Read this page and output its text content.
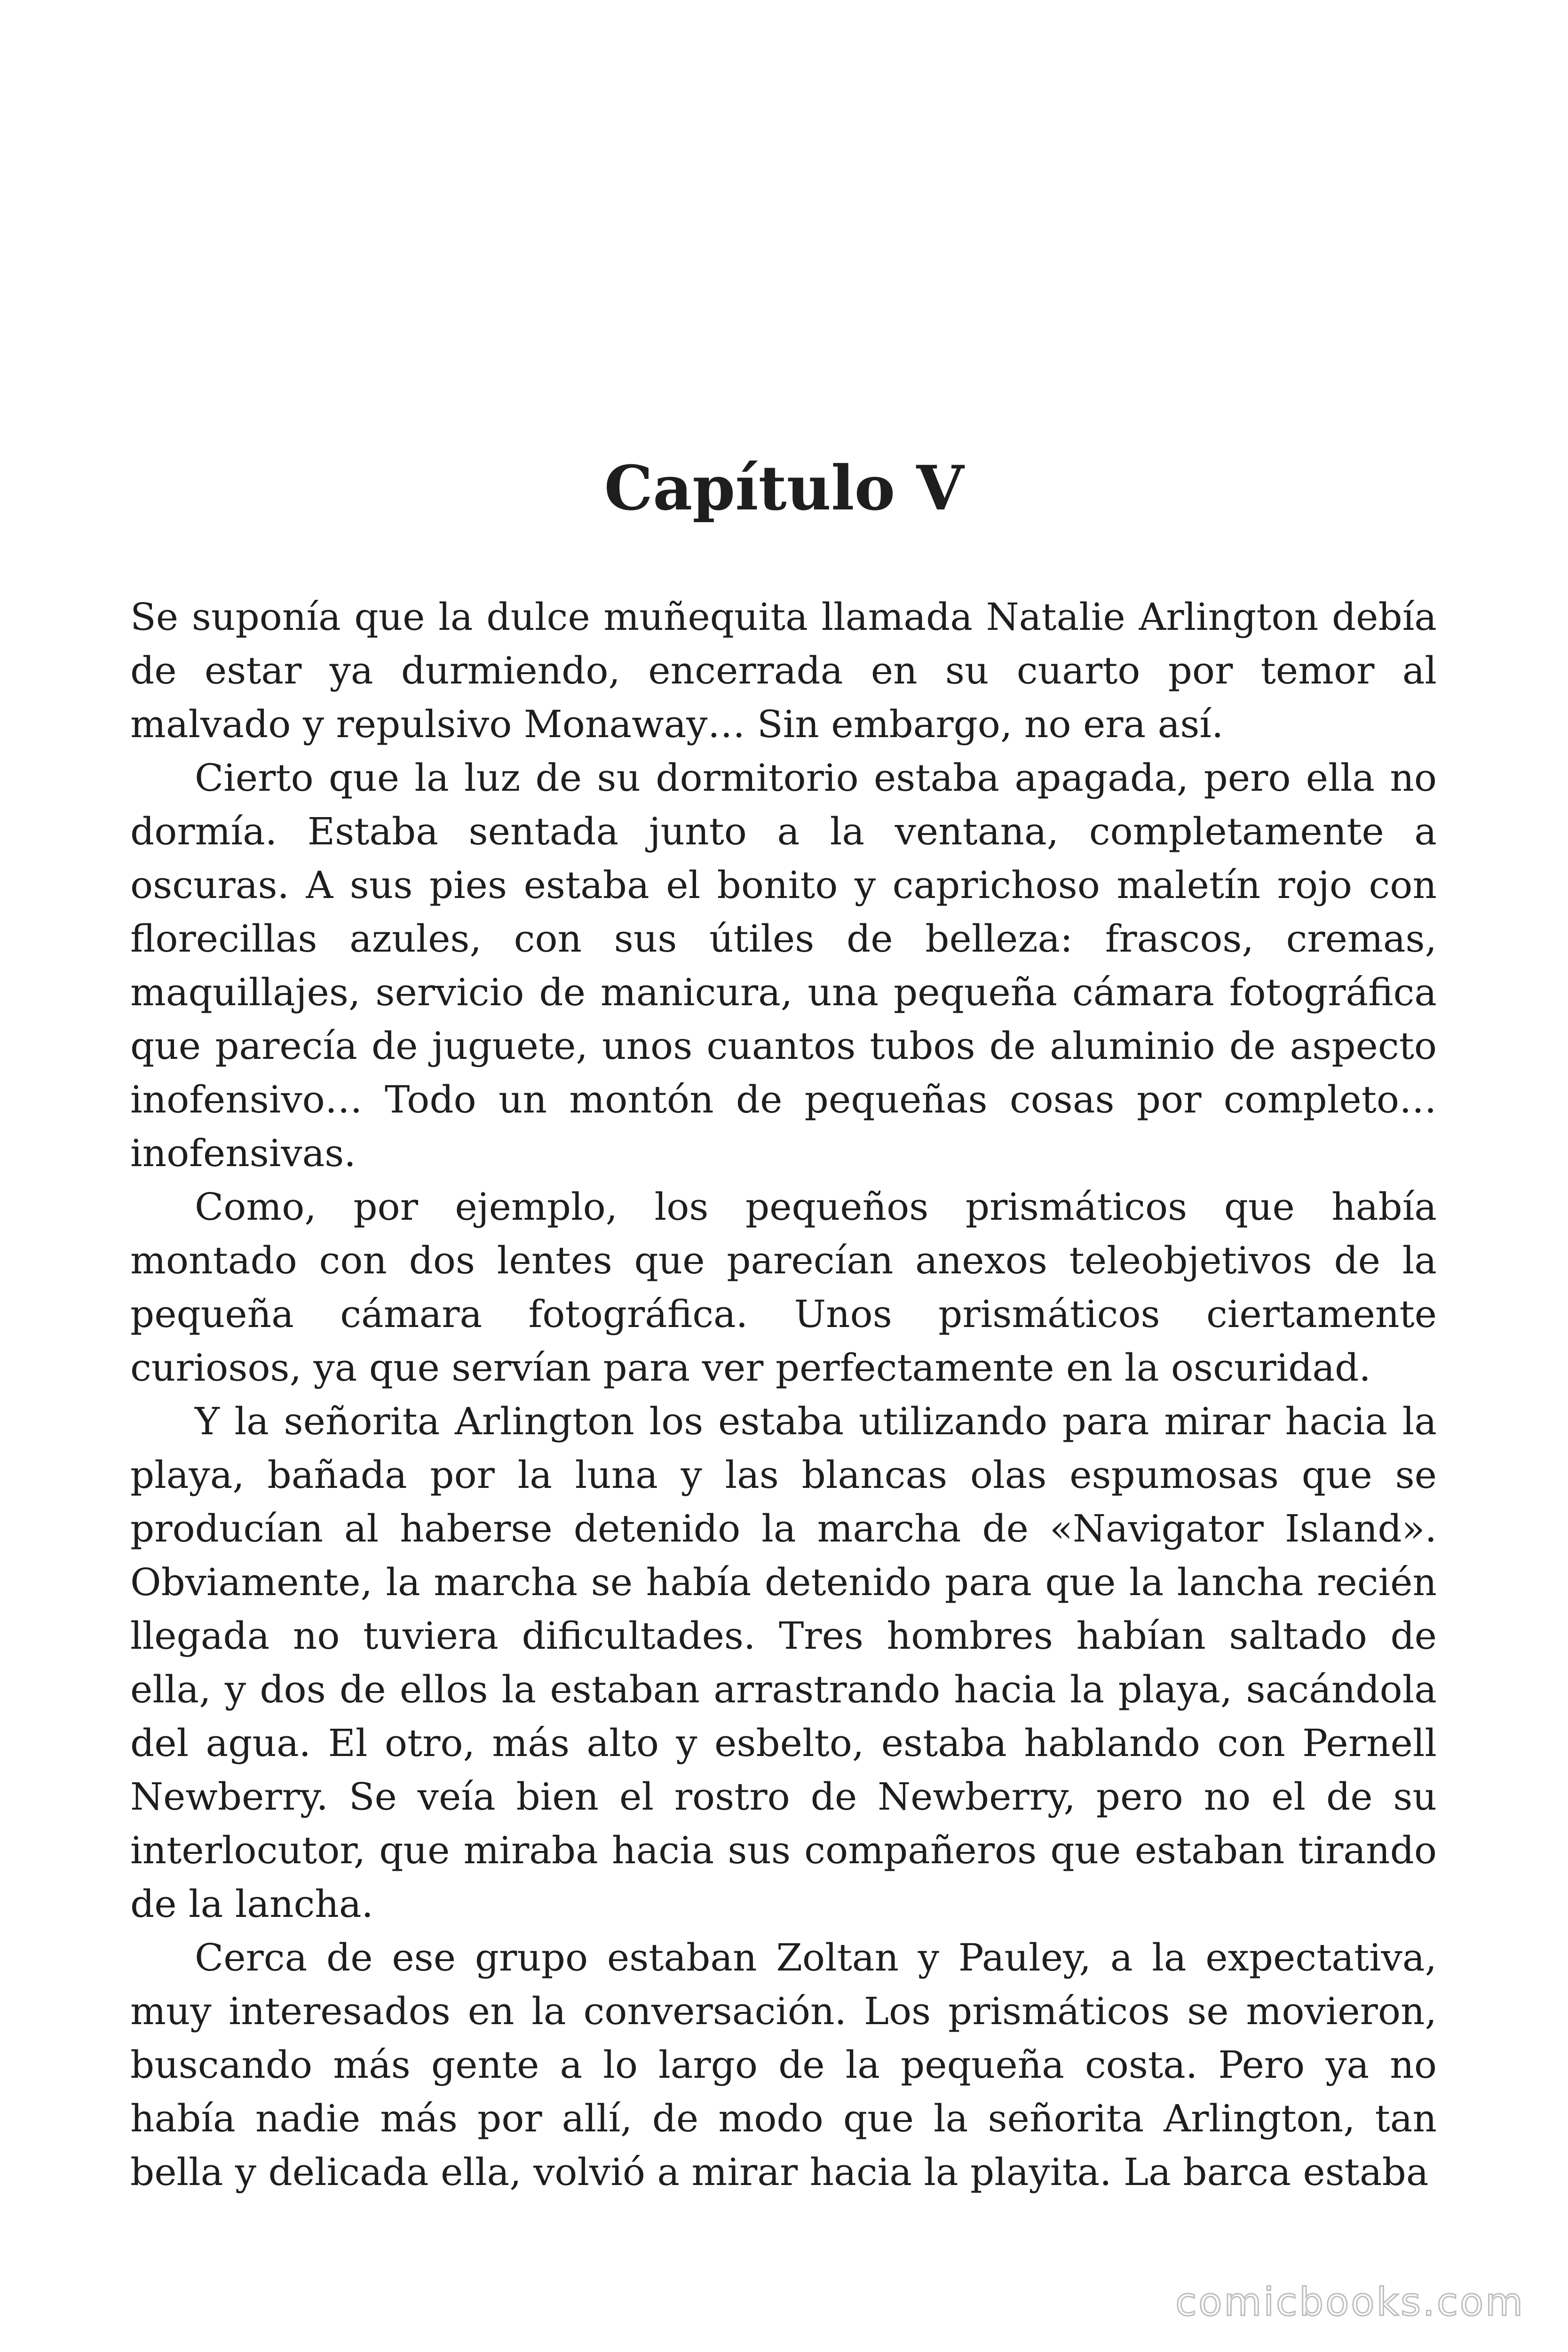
Capítulo V

Se suponía que la dulce muñequita llamada Natalie Arlington debía de estar ya durmiendo, encerrada en su cuarto por temor al malvado y repulsivo Monaway… Sin embargo, no era así.

Cierto que la luz de su dormitorio estaba apagada, pero ella no dormía. Estaba sentada junto a la ventana, completamente a oscuras. A sus pies estaba el bonito y caprichoso maletín rojo con florecillas azules, con sus útiles de belleza: frascos, cremas, maquillajes, servicio de manicura, una pequeña cámara fotográfica que parecía de juguete, unos cuantos tubos de aluminio de aspecto inofensivo… Todo un montón de pequeñas cosas por completo… inofensivas.

Como, por ejemplo, los pequeños prismáticos que había montado con dos lentes que parecían anexos teleobjetivos de la pequeña cámara fotográfica. Unos prismáticos ciertamente curiosos, ya que servían para ver perfectamente en la oscuridad.

Y la señorita Arlington los estaba utilizando para mirar hacia la playa, bañada por la luna y las blancas olas espumosas que se producían al haberse detenido la marcha de «Navigator Island». Obviamente, la marcha se había detenido para que la lancha recién llegada no tuviera dificultades. Tres hombres habían saltado de ella, y dos de ellos la estaban arrastrando hacia la playa, sacándola del agua. El otro, más alto y esbelto, estaba hablando con Pernell Newberry. Se veía bien el rostro de Newberry, pero no el de su interlocutor, que miraba hacia sus compañeros que estaban tirando de la lancha.

Cerca de ese grupo estaban Zoltan y Pauley, a la expectativa, muy interesados en la conversación. Los prismáticos se movieron, buscando más gente a lo largo de la pequeña costa. Pero ya no había nadie más por allí, de modo que la señorita Arlington, tan bella y delicada ella, volvió a mirar hacia la playita. La barca estaba

comicbooks.com
